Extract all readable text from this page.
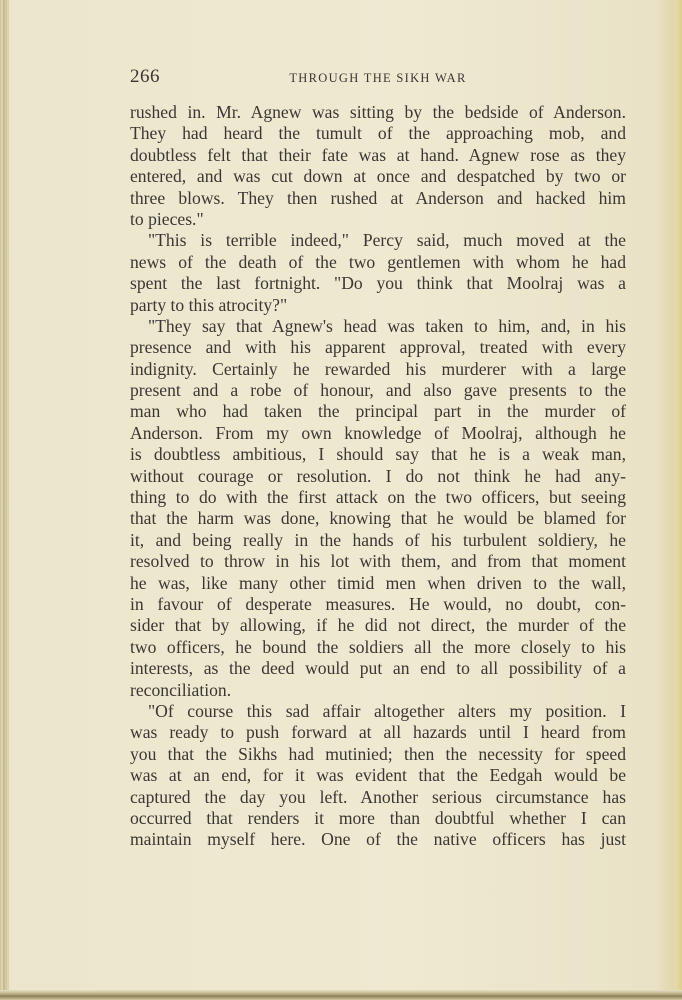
266	THROUGH THE SIKH WAR
rushed in. Mr. Agnew was sitting by the bedside of Anderson.
They had heard the tumult of the approaching mob, and
doubtless felt that their fate was at hand. Agnew rose as they
entered, and was cut down at once and despatched by two or
three blows. They then rushed at Anderson and hacked him
to pieces."
"This is terrible indeed," Percy said, much moved at the
news of the death of the two gentlemen with whom he had
spent the last fortnight. "Do you think that Moolraj was a
party to this atrocity?"
"They say that Agnew's head was taken to him, and, in his
presence and with his apparent approval, treated with every
indignity. Certainly he rewarded his murderer with a large
present and a robe of honour, and also gave presents to the
man who had taken the principal part in the murder of
Anderson. From my own knowledge of Moolraj, although he
is doubtless ambitious, I should say that he is a weak man,
without courage or resolution. I do not think he had any-
thing to do with the first attack on the two officers, but seeing
that the harm was done, knowing that he would be blamed for
it, and being really in the hands of his turbulent soldiery, he
resolved to throw in his lot with them, and from that moment
he was, like many other timid men when driven to the wall,
in favour of desperate measures. He would, no doubt, con-
sider that by allowing, if he did not direct, the murder of the
two officers, he bound the soldiers all the more closely to his
interests, as the deed would put an end to all possibility of a
reconciliation.
"Of course this sad affair altogether alters my position. I
was ready to push forward at all hazards until I heard from
you that the Sikhs had mutinied; then the necessity for speed
was at an end, for it was evident that the Eedgah would be
captured the day you left. Another serious circumstance has
occurred that renders it more than doubtful whether I can
maintain myself here. One of the native officers has just
